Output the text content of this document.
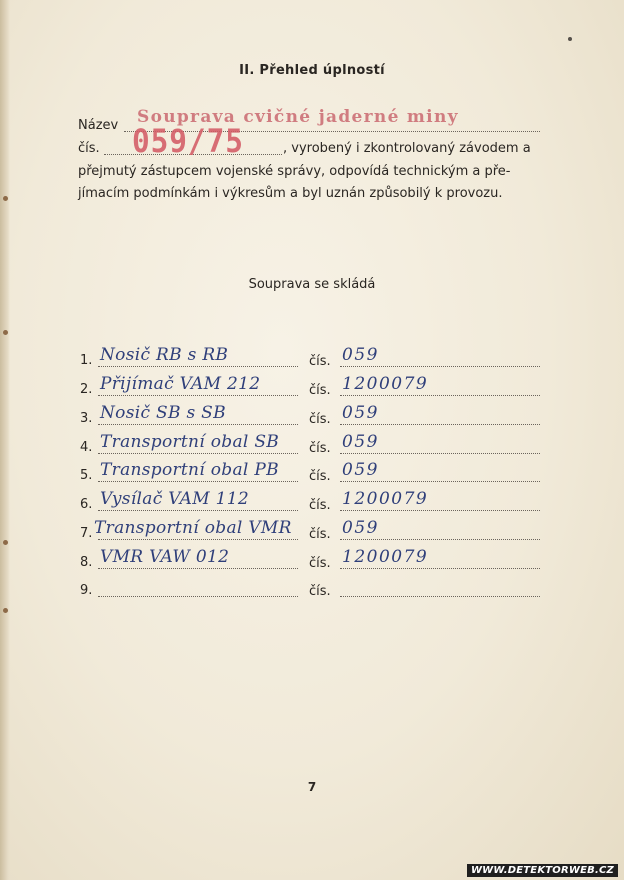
II. Přehled úplností
Název Souprava cvičné jaderné miny
čís. 059/75	, vyrobený i zkontrolovaný závodem a
přejmutý zástupcem vojenské správy, odpovídá technickým a pře-
jímacím podmínkám i výkresům a byl uznán způsobilý k provozu.
Souprava se skládá
1. Nosič RB s RB	čís. 059
2. Přijímač VAM 212	čís. 1200079
3. Nosič SB s SB	čís. 059
4. Transportní obal SB čís. 059
5. Transportní obal PB čís. 059
6. Vysílač VAM 112	čís. 1200079
7. Transportní obal VMR čís. 059
8. VMR VAW 012	čís. 1200079
9.	čís.
7
WWW.DETEKTORWEB.CZ
